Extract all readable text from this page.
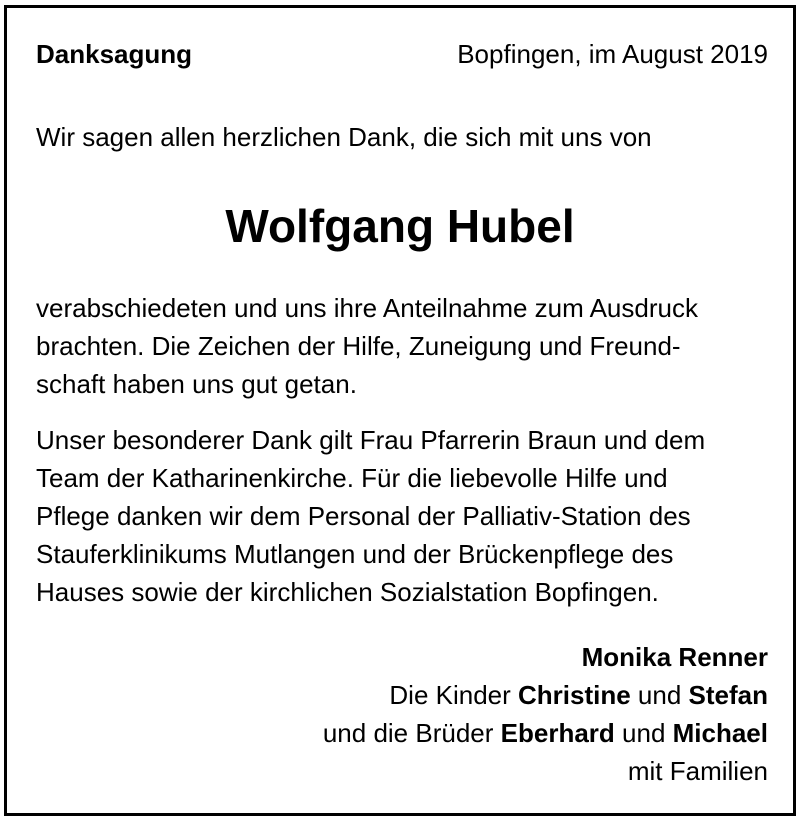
Danksagung	Bopfingen, im August 2019
Wir sagen allen herzlichen Dank, die sich mit uns von
Wolfgang Hubel
verabschiedeten und uns ihre Anteilnahme zum Ausdruck
brachten. Die Zeichen der Hilfe, Zuneigung und Freund-
schaft haben uns gut getan.
Unser besonderer Dank gilt Frau Pfarrerin Braun und dem
Team der Katharinenkirche. Für die liebevolle Hilfe und
Pflege danken wir dem Personal der Palliativ-Station des
Stauferklinikums Mutlangen und der Brückenpflege des
Hauses sowie der kirchlichen Sozialstation Bopfingen.
Monika Renner
Die Kinder Christine und Stefan
und die Brüder Eberhard und Michael
mit Familien
